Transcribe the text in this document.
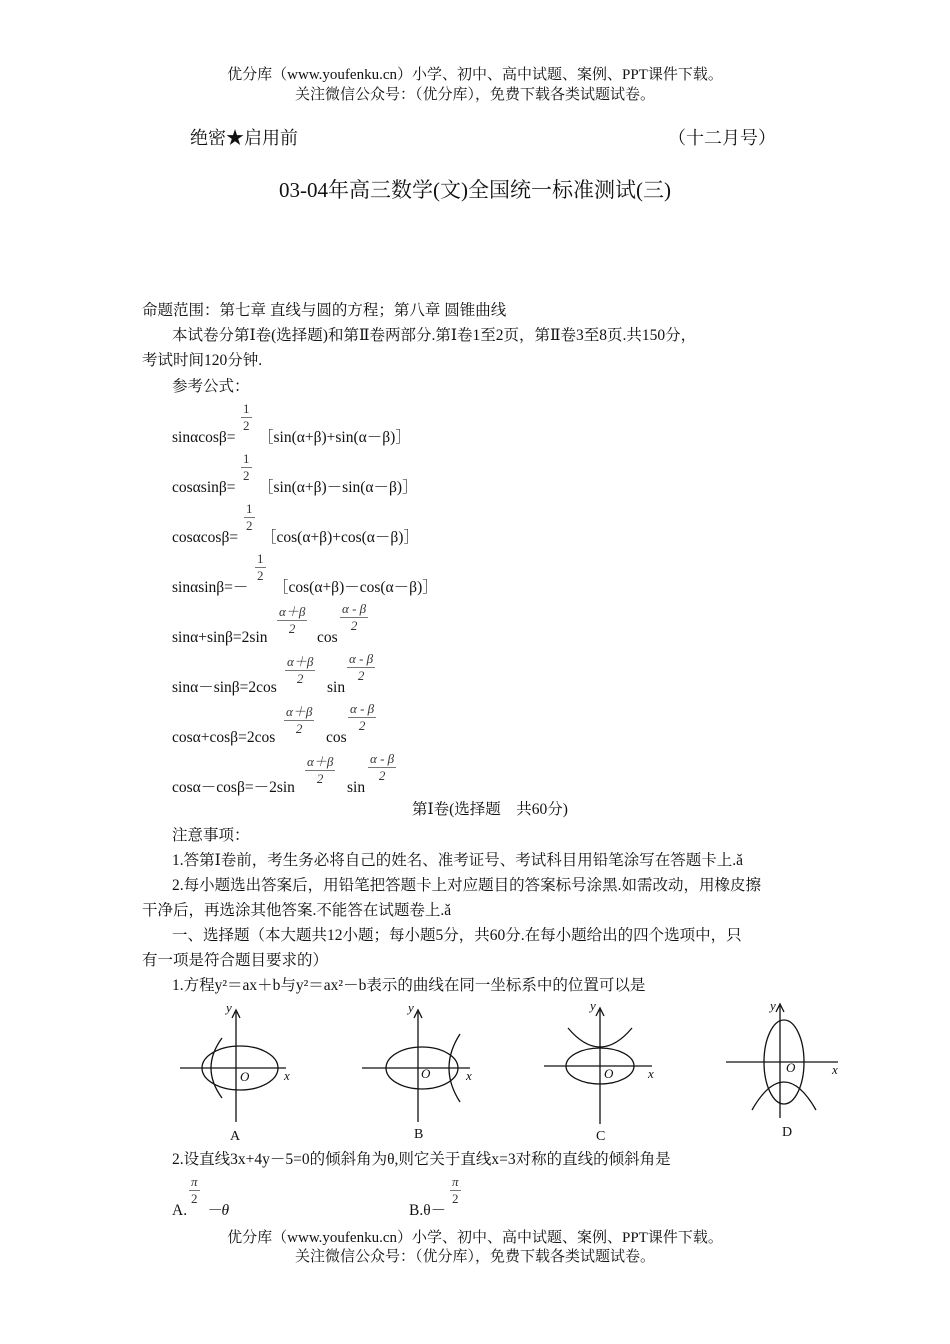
优分库（www.youfenku.cn）小学、初中、高中试题、案例、PPT课件下载。
关注微信公众号：（优分库），免费下载各类试题试卷。
绝密★启用前	（十二月号）
03-04年高三数学(文)全国统一标准测试(三)
命题范围：第七章 直线与圆的方程；第八章 圆锥曲线
本试卷分第Ⅰ卷(选择题)和第Ⅱ卷两部分.第Ⅰ卷1至2页，第Ⅱ卷3至8页.共150分，
考试时间120分钟.
参考公式：
sinαcosβ=
$\frac{1}{2}$
［sin(α+β)+sin(α－β)］
cosαsinβ=
$\frac{1}{2}$
［sin(α+β)－sin(α－β)］
cosαcosβ=
$\frac{1}{2}$
［cos(α+β)+cos(α－β)］
sinαsinβ=－
$\frac{1}{2}$
［cos(α+β)－cos(α－β)］
sinα+sinβ=2sin
$\frac{\alpha+\beta}{2}$
cos
$\frac{\alpha - \beta}{2}$
sinα－sinβ=2cos
$\frac{\alpha+\beta}{2}$
sin
$\frac{\alpha - \beta}{2}$
cosα+cosβ=2cos
$\frac{\alpha+\beta}{2}$
cos
$\frac{\alpha - \beta}{2}$
cosα－cosβ=－2sin
$\frac{\alpha+\beta}{2}$
sin
$\frac{\alpha - \beta}{2}$
第Ⅰ卷(选择题　共60分)
注意事项：
1.答第Ⅰ卷前，考生务必将自己的姓名、准考证号、考试科目用铅笔涂写在答题卡上.ǎ
2.每小题选出答案后，用铅笔把答题卡上对应题目的答案标号涂黑.如需改动，用橡皮擦
干净后，再选涂其他答案.不能答在试题卷上.ǎ
一、选择题（本大题共12小题；每小题5分，共60分.在每小题给出的四个选项中，只
有一项是符合题目要求的）
1.方程y²＝ax＋b与y²＝ax²－b表示的曲线在同一坐标系中的位置可以是
y
x
O
y
x
O
y
x
O
y
x
O
A	B	C	D
2.设直线3x+4y－5=0的倾斜角为θ,则它关于直线x=3对称的直线的倾斜角是
A.
$\frac{\pi}{2}$
－θ	B.θ－
$\frac{\pi}{2}$
优分库（www.youfenku.cn）小学、初中、高中试题、案例、PPT课件下载。
关注微信公众号：（优分库），免费下载各类试题试卷。
